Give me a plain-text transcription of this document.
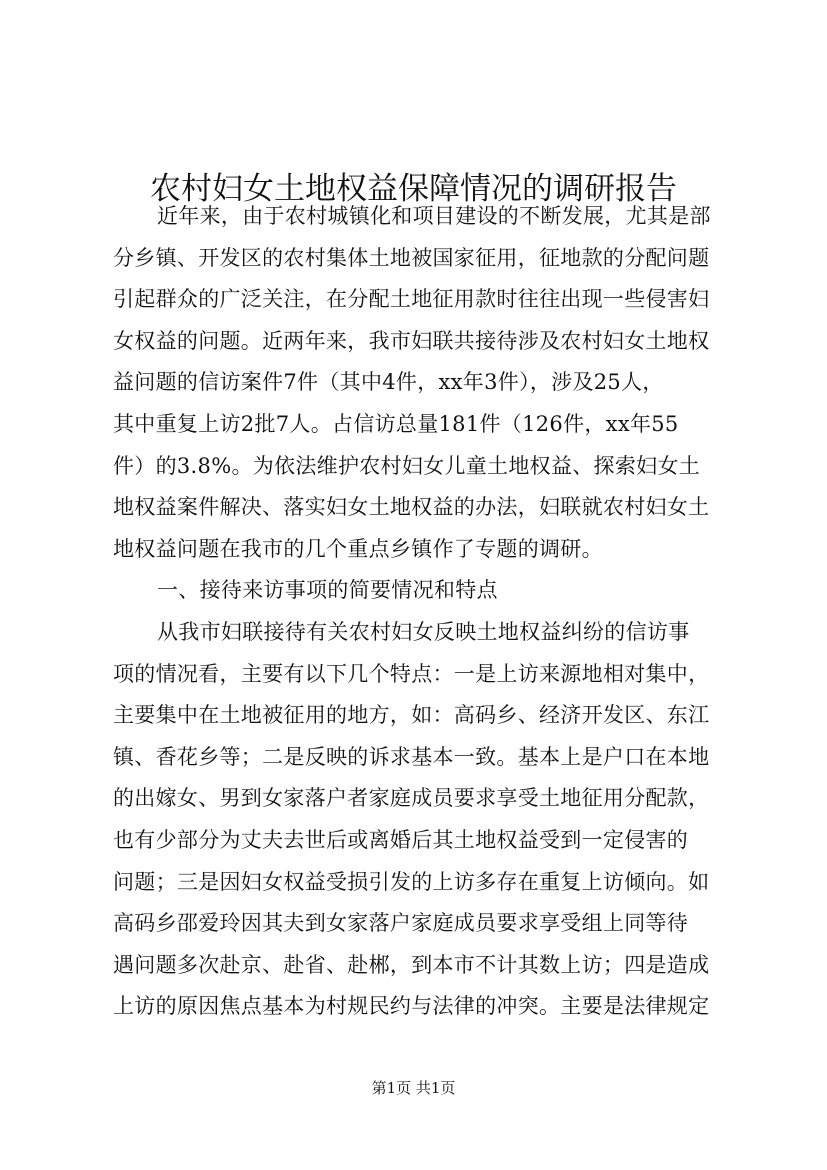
农村妇女土地权益保障情况的调研报告
近年来，由于农村城镇化和项目建设的不断发展，尤其是部
分乡镇、开发区的农村集体土地被国家征用，征地款的分配问题
引起群众的广泛关注，在分配土地征用款时往往出现一些侵害妇
女权益的问题。近两年来，我市妇联共接待涉及农村妇女土地权
益问题的信访案件7件（其中4件，xx年3件），涉及25人，
其中重复上访2批7人。占信访总量181件（126件，xx年55
件）的3.8%。为依法维护农村妇女儿童土地权益、探索妇女土
地权益案件解决、落实妇女土地权益的办法，妇联就农村妇女土
地权益问题在我市的几个重点乡镇作了专题的调研。
一、接待来访事项的简要情况和特点
从我市妇联接待有关农村妇女反映土地权益纠纷的信访事
项的情况看，主要有以下几个特点：一是上访来源地相对集中，
主要集中在土地被征用的地方，如：高码乡、经济开发区、东江
镇、香花乡等；二是反映的诉求基本一致。基本上是户口在本地
的出嫁女、男到女家落户者家庭成员要求享受土地征用分配款，
也有少部分为丈夫去世后或离婚后其土地权益受到一定侵害的
问题；三是因妇女权益受损引发的上访多存在重复上访倾向。如
高码乡邵爱玲因其夫到女家落户家庭成员要求享受组上同等待
遇问题多次赴京、赴省、赴郴，到本市不计其数上访；四是造成
上访的原因焦点基本为村规民约与法律的冲突。主要是法律规定
第1页 共1页
